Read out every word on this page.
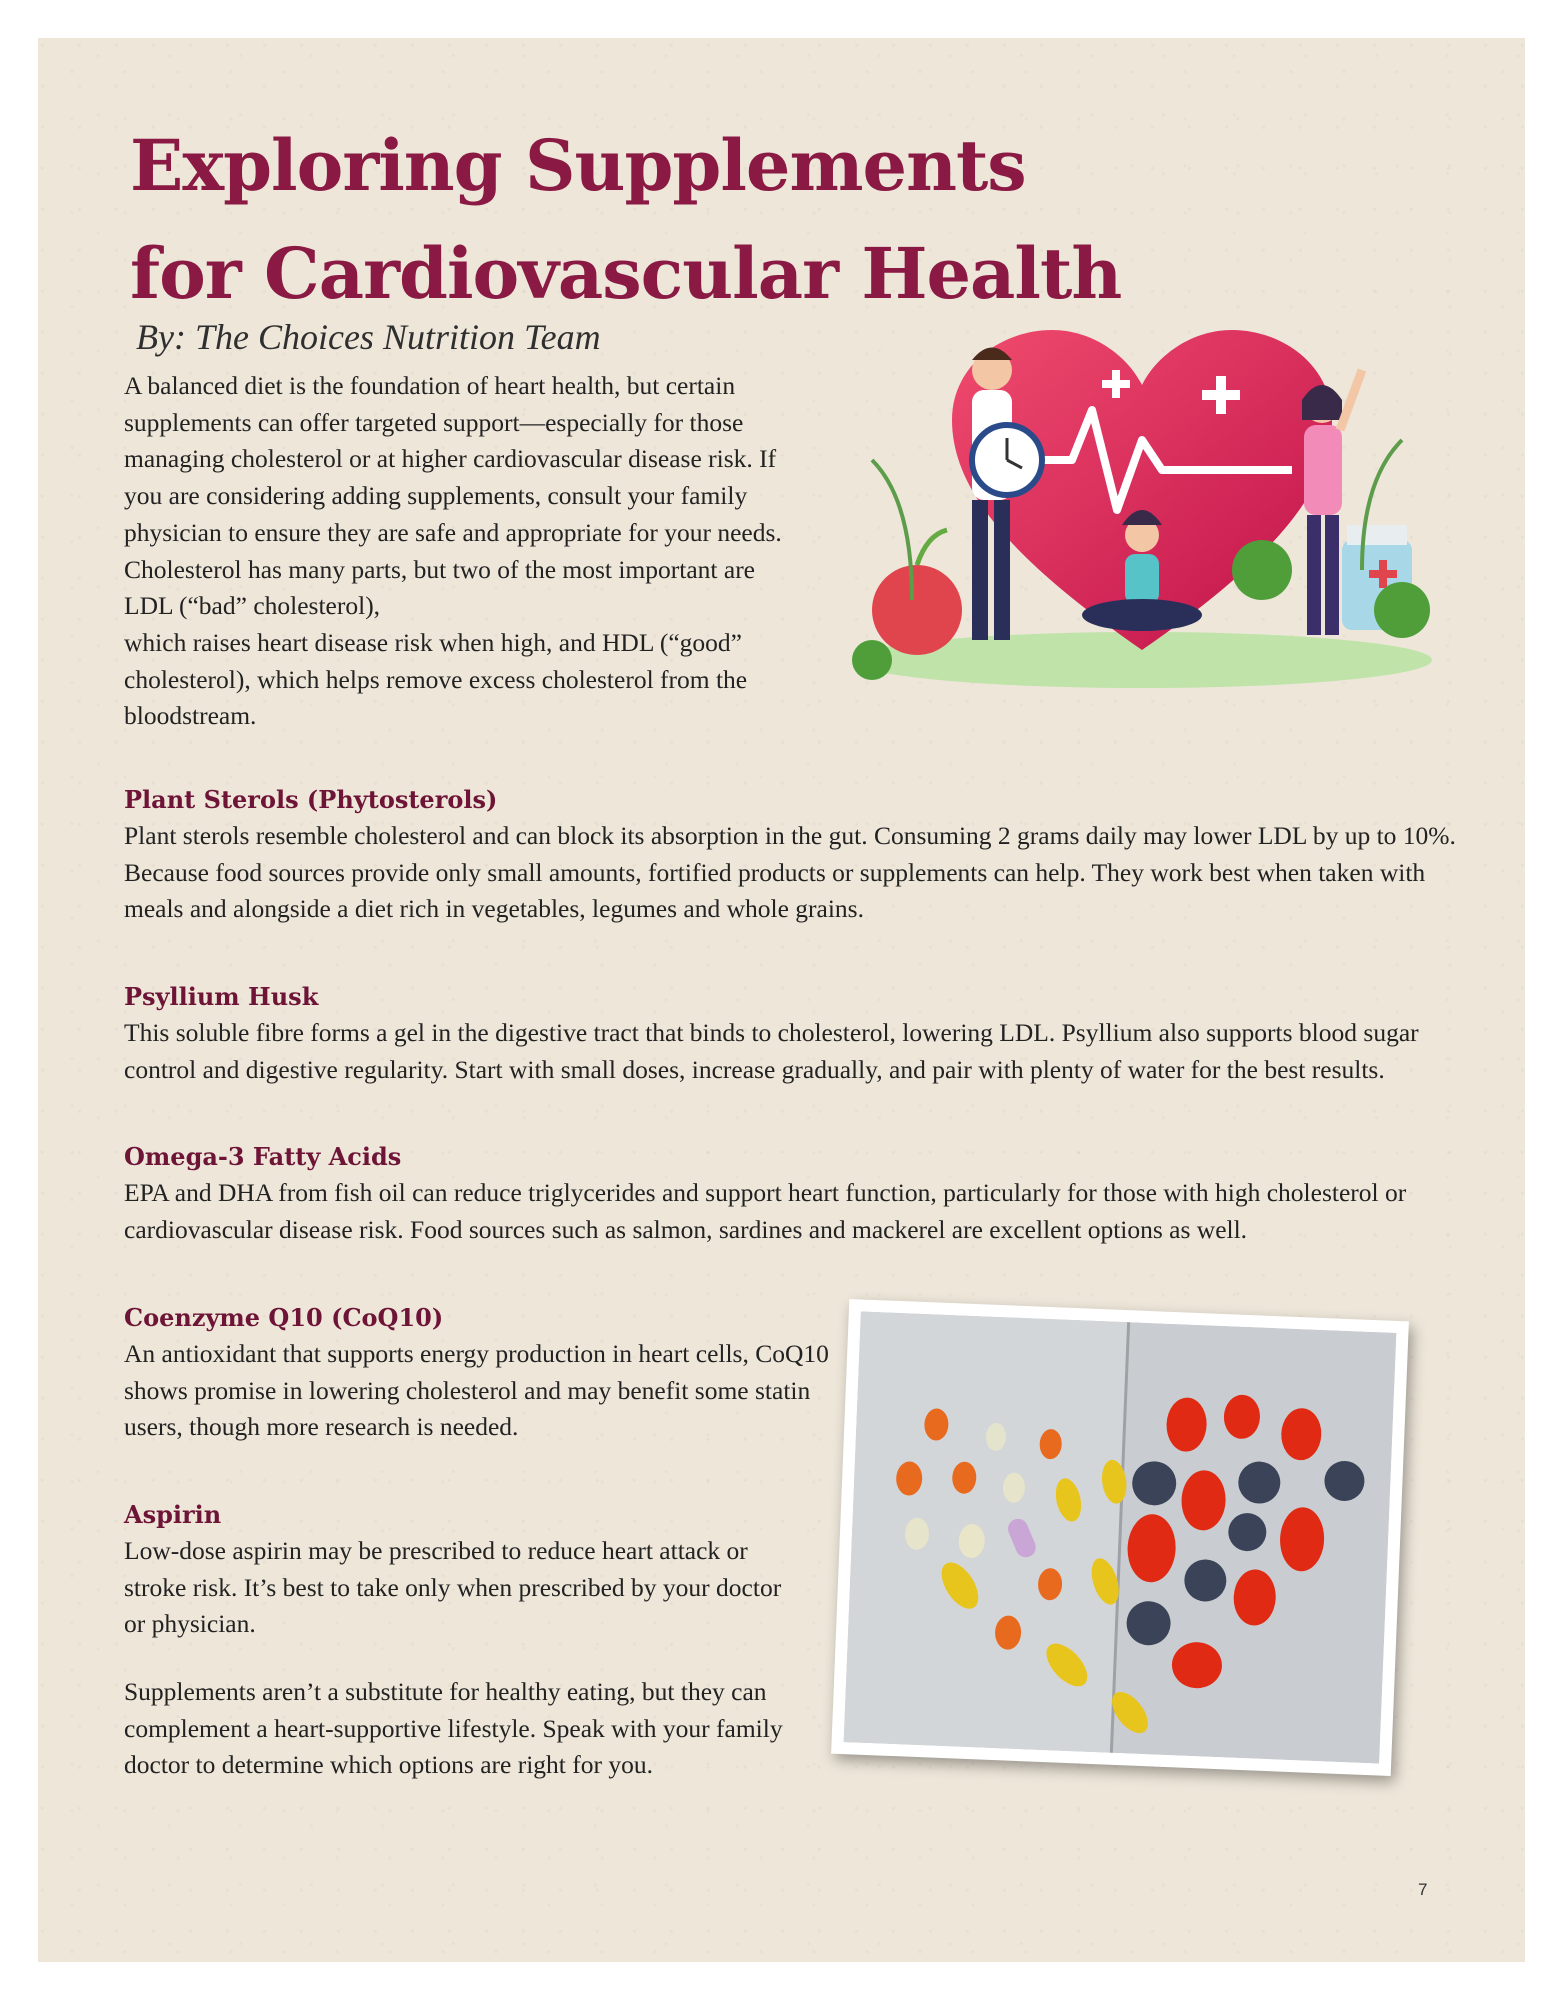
Exploring Supplements
for Cardiovascular Health
By: The Choices Nutrition Team

A balanced diet is the foundation of heart health, but certain supplements can offer targeted support—especially for those managing cholesterol or at higher cardiovascular disease risk. If you are considering adding supplements, consult your family physician to ensure they are safe and appropriate for your needs. Cholesterol has many parts, but two of the most important are LDL (“bad” cholesterol),

which raises heart disease risk when high, and HDL (“good” cholesterol), which helps remove excess cholesterol from the bloodstream.

Plant Sterols (Phytosterols)

Plant sterols resemble cholesterol and can block its absorption in the gut. Consuming 2 grams daily may lower LDL by up to 10%. Because food sources provide only small amounts, fortified products or supplements can help. They work best when taken with meals and alongside a diet rich in vegetables, legumes and whole grains.

Psyllium Husk

This soluble fibre forms a gel in the digestive tract that binds to cholesterol, lowering LDL. Psyllium also supports blood sugar control and digestive regularity. Start with small doses, increase gradually, and pair with plenty of water for the best results.

Omega-3 Fatty Acids

EPA and DHA from fish oil can reduce triglycerides and support heart function, particularly for those with high cholesterol or cardiovascular disease risk. Food sources such as salmon, sardines and mackerel are excellent options as well.

Coenzyme Q10 (CoQ10)

An antioxidant that supports energy production in heart cells, CoQ10 shows promise in lowering cholesterol and may benefit some statin users, though more research is needed.

Aspirin

Low-dose aspirin may be prescribed to reduce heart attack or stroke risk. It’s best to take only when prescribed by your doctor or physician.

Supplements aren’t a substitute for healthy eating, but they can complement a heart-supportive lifestyle. Speak with your family doctor to determine which options are right for you.

7
